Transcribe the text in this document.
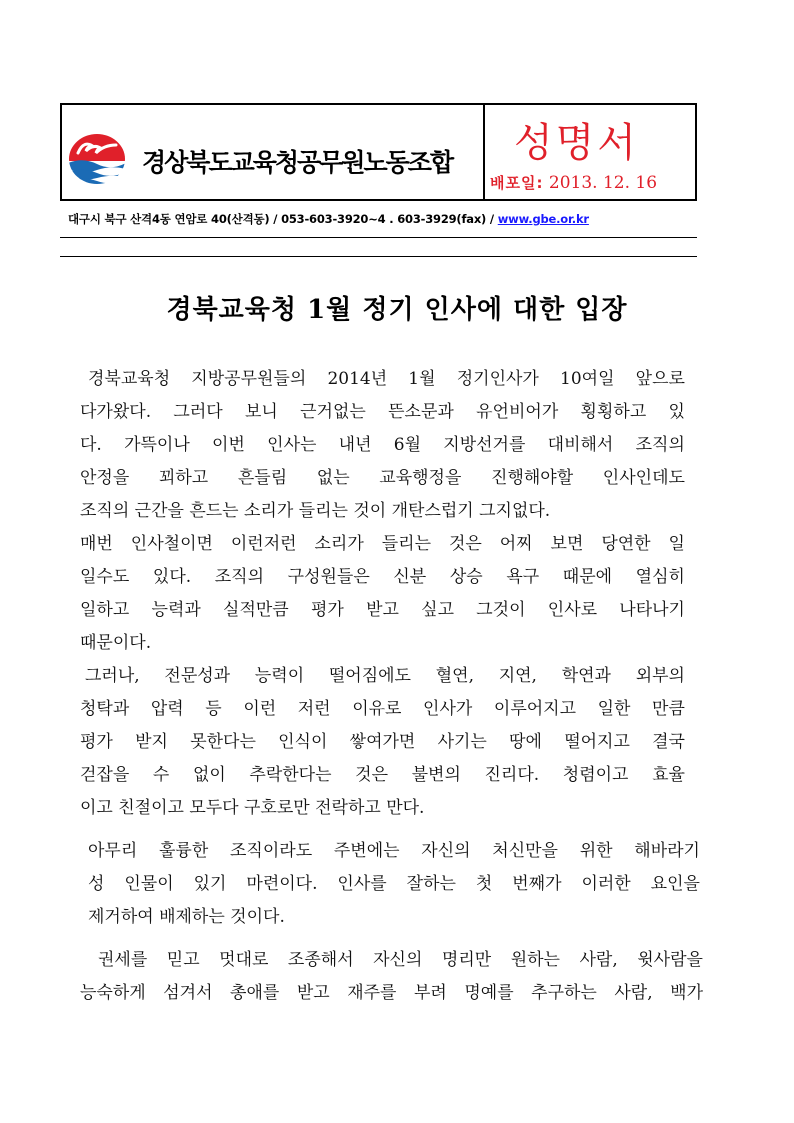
경상북도교육청공무원노동조합 성명서
배포일: 2013. 12. 16
대구시 북구 산격4동 연암로 40(산격동) / 053-603-3920~4 . 603-3929(fax) / www.gbe.or.kr
경북교육청 1월 정기 인사에 대한 입장
경북교육청 지방공무원들의 2014년 1월 정기인사가 10여일 앞으로
다가왔다. 그러다 보니 근거없는 뜬소문과 유언비어가 횡횡하고 있
다. 가뜩이나 이번 인사는 내년 6월 지방선거를 대비해서 조직의
안정을 꾀하고 흔들림 없는 교육행정을 진행해야할 인사인데도
조직의 근간을 흔드는 소리가 들리는 것이 개탄스럽기 그지없다.
매번 인사철이면 이런저런 소리가 들리는 것은 어찌 보면 당연한 일
일수도 있다. 조직의 구성원들은 신분 상승 욕구 때문에 열심히
일하고 능력과 실적만큼 평가 받고 싶고 그것이 인사로 나타나기
때문이다.
그러나, 전문성과 능력이 떨어짐에도 혈연, 지연, 학연과 외부의
청탁과 압력 등 이런 저런 이유로 인사가 이루어지고 일한 만큼
평가 받지 못한다는 인식이 쌓여가면 사기는 땅에 떨어지고 결국
걷잡을 수 없이 추락한다는 것은 불변의 진리다. 청렴이고 효율
이고 친절이고 모두다 구호로만 전락하고 만다.
아무리 훌륭한 조직이라도 주변에는 자신의 처신만을 위한 해바라기
성 인물이 있기 마련이다. 인사를 잘하는 첫 번째가 이러한 요인을
제거하여 배제하는 것이다.
권세를 믿고 멋대로 조종해서 자신의 명리만 원하는 사람, 윗사람을
능숙하게 섬겨서 총애를 받고 재주를 부려 명예를 추구하는 사람, 백가
